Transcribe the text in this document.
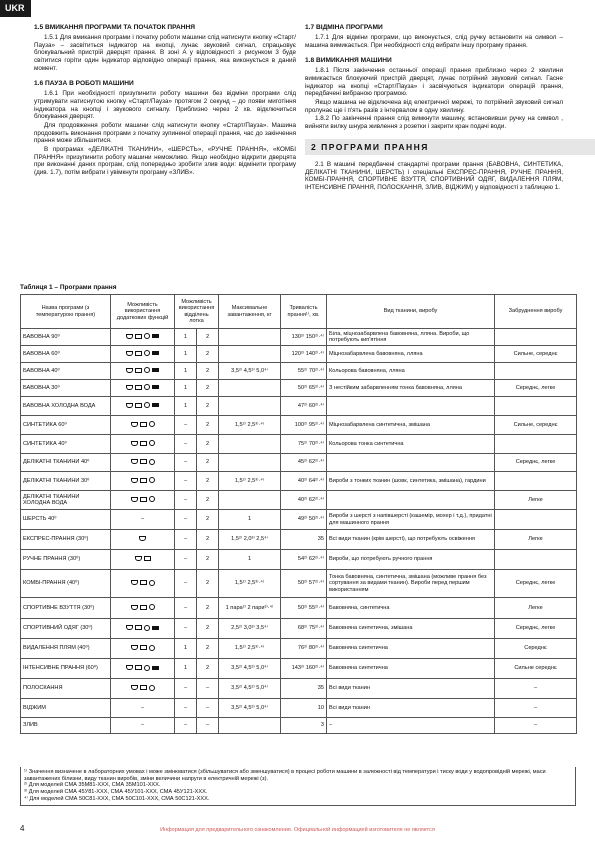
UKR
1.5 ВМИКАННЯ ПРОГРАМИ ТА ПОЧАТОК ПРАННЯ
1.5.1 Для вмикання програми і початку роботи машини слід натиснути кнопку «Старт/Пауза» – засвітиться індикатор на кнопці, лунає звуковий сигнал, спрацьовує блокувальний пристрій дверцят прання. В зоні A у відповідності з рисунком 3 будe світитися горіти один індикатор відповідно операції прання, яка виконується в даний момент.
1.6 ПАУЗА В РОБОТІ МАШИНИ
1.6.1 При необхідності призупинити роботу машини без відміни програми слід утримувати натиснутою кнопку «Старт/Пауза» протягом 2 секунд – до появи миготіння індикатора на кнопці і звукового сигналу. Приблизно через 2 хв. відключиться блокування дверцят.
Для продовження роботи машини слід натиснути кнопку «Старт/Пауза». Машина продовжить виконання програми з початку зупиненої операції прання, час до закінчення прання може збільшитися.
В програмах «ДЕЛІКАТНІ ТКАНИНИ», «ШЕРСТЬ», «РУЧНЕ ПРАННЯ», «КОМБІ ПРАННЯ» призупинити роботу машини неможливо. Якщо необхідно відкрити дверцята при виконанні даних програм, слід попередньо зробити злив води: відмінити програму (див. 1.7), потім вибрати і увімкнути програму «ЗЛИВ».
1.7 ВІДМІНА ПРОГРАМИ
1.7.1 Для відміни програми, що виконується, слід ручку встановити на символ – машина вимикається. При необхідності слід вибрати іншу програму прання.
1.8 ВИМИКАННЯ МАШИНИ
1.8.1 Після закінчення останньої операції прання приблизно через 2 хвилини вимикається блокуючий пристрій дверцят, лунає потрійний звуковий сигнал. Гасне індикатор на кнопці «Старт/Пауза» і засвічуються індикатори операцій прання, передбачені вибраною програмою.
Якщо машина не відключена від електричної мережі, то потрійний звуковий сигнал пролунає ще і п'ять разів з інтервалом в одну хвилину.
1.8.2 По закінченні прання слід вимкнути машину, встановивши ручку на символ , вийняти вилку шнура живлення з розетки і закрити кран подачі води.
2 ПРОГРАМИ ПРАННЯ
2.1 В машині передбачені стандартні програми прання (БАВОВНА, СИНТЕТИКА, ДЕЛІКАТНІ ТКАНИНИ, ШЕРСТЬ) і спеціальні ЕКСПРЕС-ПРАННЯ, РУЧНЕ ПРАННЯ, КОМБІ-ПРАННЯ, СПОРТИВНЕ ВЗУТТЯ, СПОРТИВНИЙ ОДЯГ, ВИДАЛЕННЯ ПЛЯМ, ІНТЕНСИВНЕ ПРАННЯ, ПОЛОСКАННЯ, ЗЛИВ, ВІДЖИМ) у відповідності з таблицею 1.
Таблиця 1 – Програми прання
Назва програми (з температурою прання)	Можливість використання додаткових функцій	Можливість використання відділень лотка		Максимальне завантаження, кг	Тривалість прання¹⁾, хв.	Вид тканини, виробу	Забруднення виробу
БАВОВНА 90⁰		1	2		130²⁾ 150²⁾·⁴⁾	Біла, міцнозабарвлена бавовняна, лляна. Вироби, що потребують кип'ятіння	
БАВОВНА 60⁰		1	2		120²⁾ 140²⁾·⁴⁾	Міцнозабарвлена бавовняна, лляна	Сильне, середнє
БАВОВНА 40⁰		1	2	3,5²⁾ 4,5³⁾ 5,0⁴⁾	55²⁾ 70²⁾·⁴⁾	Кольорова бавовняна, лляна	
БАВОВНА 30⁰		1	2		50²⁾ 65²⁾·⁴⁾	З нестійким забарвленням тонка бавовняна, лляна	Середнє, легке
БАВОВНА ХОЛОДНА ВОДА		1	2		47²⁾ 60²⁾·⁴⁾		
СИНТЕТИКА 60⁰		–	2	1,5²⁾ 2,5³⁾·⁴⁾	100²⁾ 95²⁾·⁴⁾	Міцнозабарвлена синтетична, змішана	Сильне, середнє
СИНТЕТИКА 40⁰		–	2		75²⁾ 70²⁾·⁴⁾	Кольорова тонка синтетична	
ДЕЛІКАТНІ ТКАНИНИ 40⁰		–	2		45²⁾ 62²⁾·⁴⁾		Середнє, легке
ДЕЛІКАТНІ ТКАНИНИ 30⁰		–	2	1,5²⁾ 2,5³⁾·⁴⁾	40²⁾ 64²⁾·⁴⁾	Вироби з тонких тканин (шовк, синтетика, змішана), гардини	
ДЕЛІКАТНІ ТКАНИНИ ХОЛОДНА ВОДА		–	2		40²⁾ 62²⁾·⁴⁾		Легке
ШЕРСТЬ 40⁰	–	–	2	1	49²⁾ 50²⁾·⁴⁾	Вироби з шерсті з напівшерсті (кашемір, мохер і т.д.), придатні для машинного прання	
ЕКСПРЕС-ПРАННЯ (30⁰)		–	2	1,5²⁾ 2,0³⁾ 2,5⁴⁾	35	Всі види тканин (крім шерсті), що потребують освіження	Легке
РУЧНЕ ПРАННЯ (30⁰)		–	2	1	54²⁾ 62²⁾·⁴⁾	Вироби, що потребують ручного прання	
КОМБІ-ПРАННЯ (40⁰)		–	2	1,5²⁾ 2,5³⁾·⁴⁾	50²⁾ 57²⁾·⁴⁾	Тонка бавовняна, синтетична, змішана (можливе прання без сортування за видами тканин). Вироби перед першим використанням	Середнє, легке
СПОРТИВНЕ ВЗУТТЯ (30⁰)		–	2	1 пара²⁾ 2 пари³⁾·⁴⁾	50²⁾ 55²⁾·⁴⁾	Бавовняна, синтетична	Легке
СПОРТИВНИЙ ОДЯГ (30⁰)		–	2	2,5²⁾ 3,0³⁾ 3,5⁴⁾	68²⁾ 75²⁾·⁴⁾	Бавовняна синтетична, змішана	Середнє, легке
ВИДАЛЕННЯ ПЛЯМ (40⁰)		1	2	1,5²⁾ 2,5³⁾·⁴⁾	76²⁾ 80²⁾·⁴⁾	Бавовняна синтетична	Середнє
ІНТЕНСИВНЕ ПРАННЯ (60⁰)		1	2	3,5²⁾ 4,5³⁾ 5,0⁴⁾	143²⁾ 160²⁾·⁴⁾	Бавовняна синтетична	Сильне середнє
ПОЛОСКАННЯ		–	–	3,5²⁾ 4,5³⁾ 5,0⁴⁾	35	Всі види тканин	–
ВІДЖИМ	–	–	–	3,5²⁾ 4,5³⁾ 5,0⁴⁾	10	Всі види тканин	–
ЗЛИВ	–	–	–		3	–	–
¹⁾ Значення визначене в лабораторних умовах і може змінюватися (збільшуватися або зменшуватися) в процесі роботи машини в залежності від температури і тиску води у водопровідній мережі, маси завантажених білизни, виду тканин виробів, зміни величини напруги в електричній мережі (з).
²⁾ Для моделей СМА 35М81-XXX, СМА 35М101-XXX.
³⁾ Для моделей СМА 45У81-XXX, СМА 45У101-XXX, СМА 45У121-XXX.
⁴⁾ Для моделей СМА 50С81-XXX, СМА 50С101-XXX, СМА 50С121-XXX.
4	Информация для предварительного ознакомления. Официальной информацией изготовителя не является
